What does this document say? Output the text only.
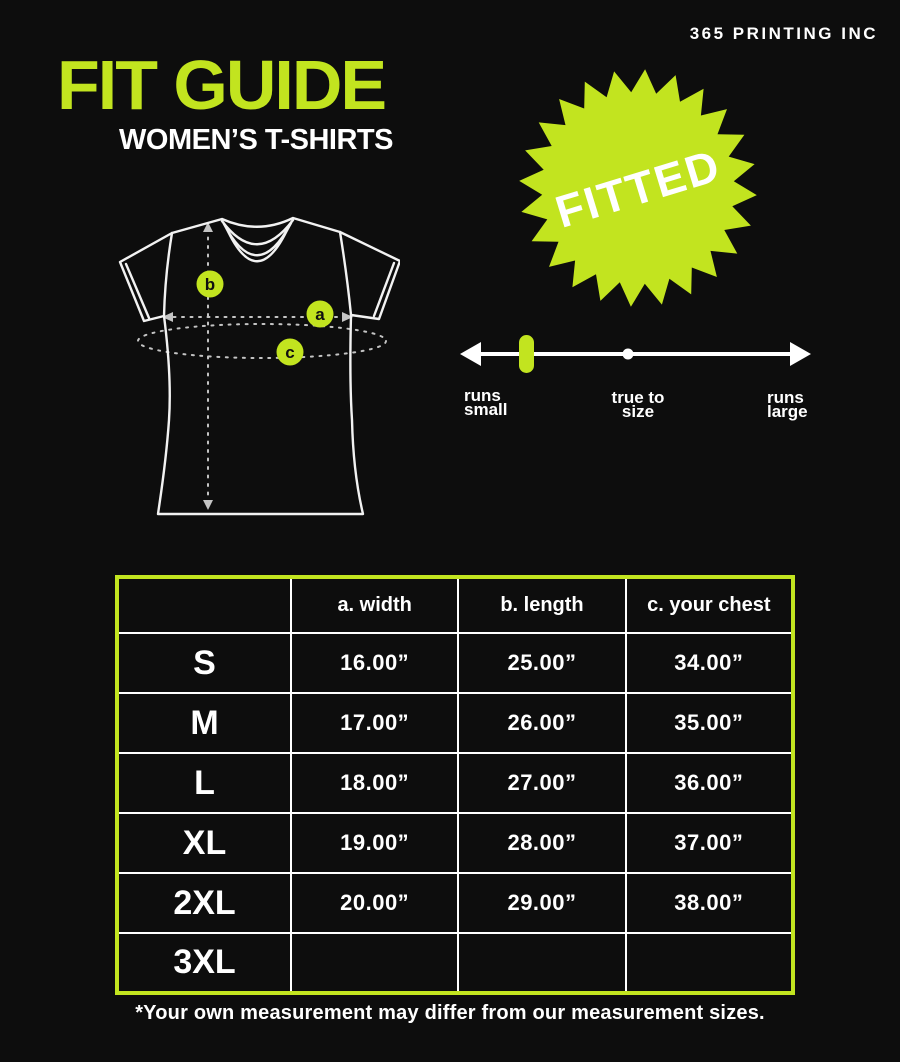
365 PRINTING INC
FIT GUIDE
WOMEN’S T-SHIRTS	FITTED
b
a
c
runs
small
true to
size
runs
large
	a. width	b. length	c. your chest
S	16.00”	25.00”	34.00”
M	17.00”	26.00”	35.00”
L	18.00”	27.00”	36.00”
XL	19.00”	28.00”	37.00”
2XL	20.00”	29.00”	38.00”
3XL			
*Your own measurement may differ from our measurement sizes.
